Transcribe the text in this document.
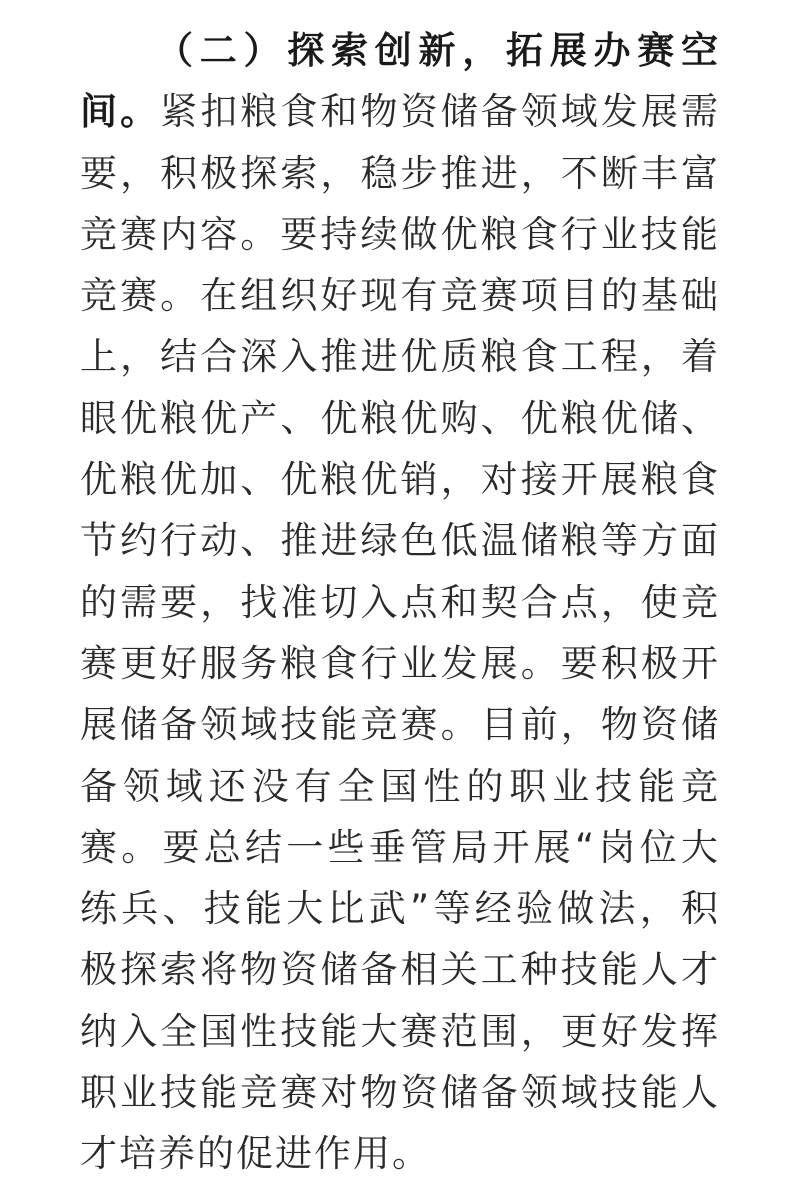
（二）探索创新，拓展办赛空间。紧扣粮食和物资储备领域发展需要，积极探索，稳步推进，不断丰富竞赛内容。要持续做优粮食行业技能竞赛。在组织好现有竞赛项目的基础上，结合深入推进优质粮食工程，着眼优粮优产、优粮优购、优粮优储、优粮优加、优粮优销，对接开展粮食节约行动、推进绿色低温储粮等方面的需要，找准切入点和契合点，使竞赛更好服务粮食行业发展。要积极开展储备领域技能竞赛。目前，物资储备领域还没有全国性的职业技能竞赛。要总结一些垂管局开展“岗位大练兵、技能大比武”等经验做法，积极探索将物资储备相关工种技能人才纳入全国性技能大赛范围，更好发挥职业技能竞赛对物资储备领域技能人才培养的促进作用。
